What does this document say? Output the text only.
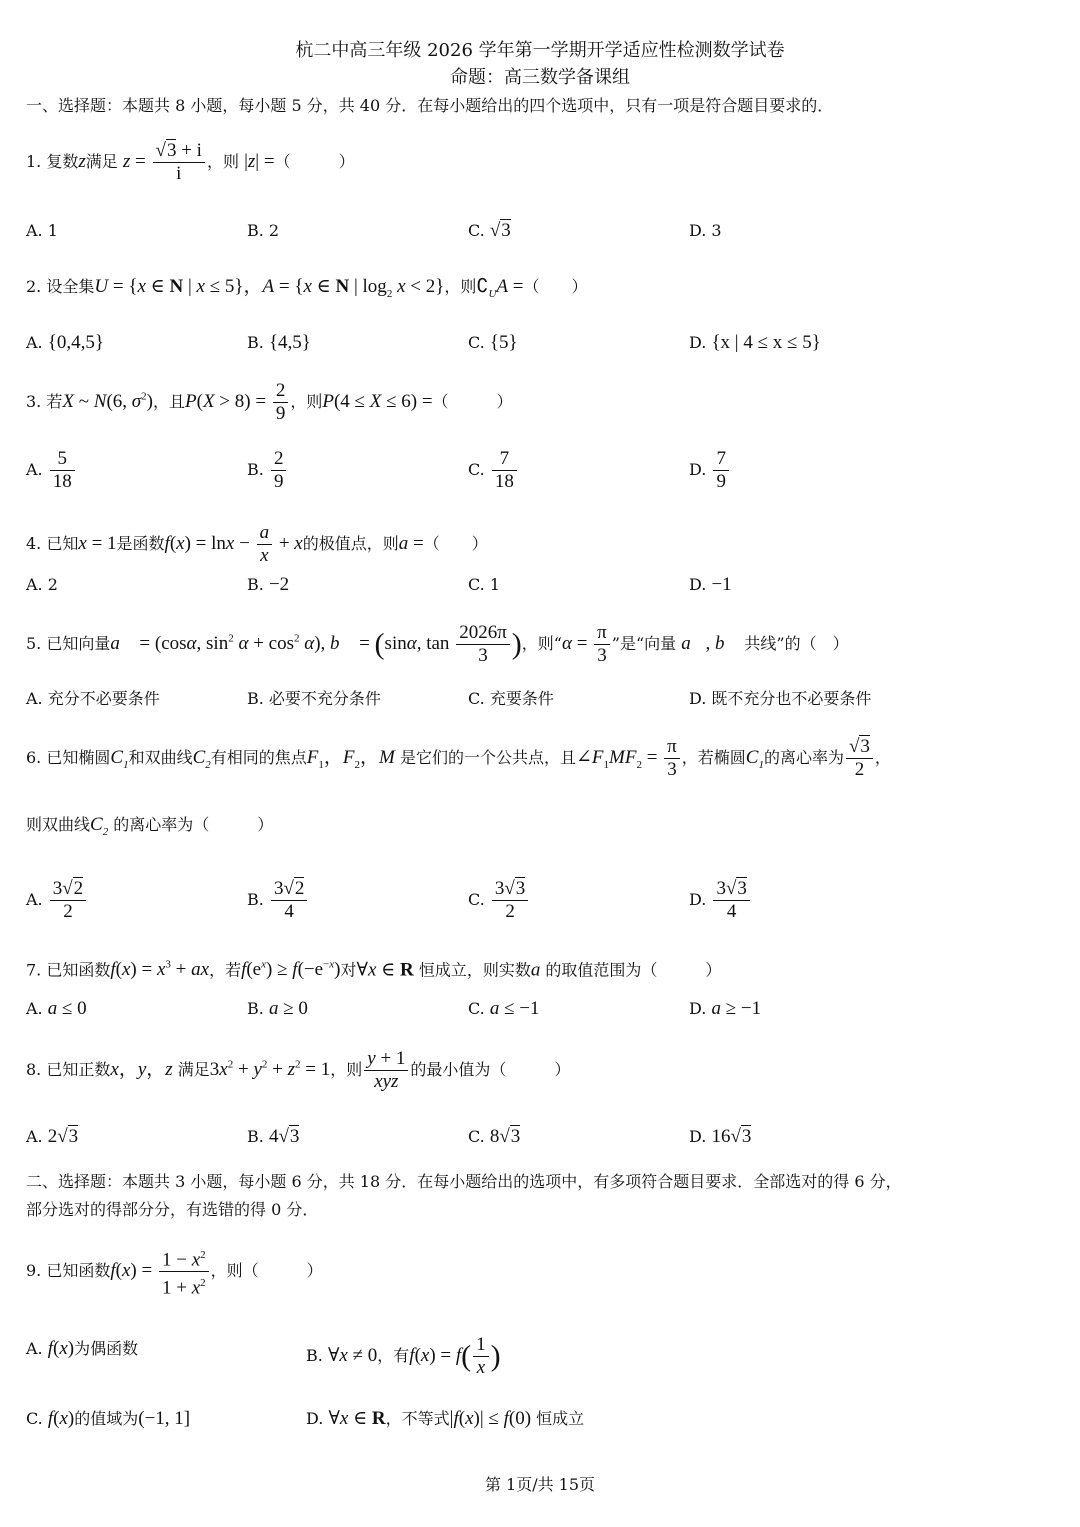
杭二中高三年级 2026 学年第一学期开学适应性检测数学试卷
命题：高三数学备课组
一、选择题：本题共 8 小题，每小题 5 分，共 40 分．在每小题给出的四个选项中，只有一项是符合题目要求的．
1. 复数z满足 $z = \frac{√3 + i}{i}$ ，则 |z| =（　　　）
A. 1	B. 2	C. √3	D. 3
2. 设全集U = {x ∈ N | x ≤ 5}，A = {x ∈ N | $\log_2 x < 2$}，则$∁_UA$ =（　　）
A. {0,4,5}	B. {4,5}	C. {5}	D. {x | 4 ≤ x ≤ 5}
3. 若X ~ N(6, $\sigma^2$)，且$P(X > 8) = \frac{2}{9}$ ，则P(4 ≤ X ≤ 6) =（　　　）
A. $\frac{5}{18}$	B. $\frac{2}{9}$	C. $\frac{7}{18}$	D. $\frac{7}{9}$
4. 已知x = 1是函数$f(x) = \ln x - \frac{a}{x} + x$的极值点，则a =（　　）
A. 2	B. −2	C. 1	D. −1
5. 已知向量a⃗ = (cosα, $\sin^2 \alpha + \cos^2 \alpha$), b⃗ = (sinα, $\tan \frac{2026\pi}{3}$ )，则“$\alpha = \frac{\pi}{3}$ ”是“向量 a⃗, b⃗ 共线”的（　）
A. 充分不必要条件	B. 必要不充分条件	C. 充要条件	D. 既不充分也不必要条件
6. 已知椭圆$C_1$和双曲线$C_2$有相同的焦点$F_1$，$F_2$，M 是它们的一个公共点，且$\angle F_1MF_2 = \frac{\pi}{3}$ ，若椭圆$C_1$的离心率为 $\frac{√3}{2}$ ，
则双曲线$C_2$ 的离心率为（　　　）
A. $\frac{3√2}{2}$	B. $\frac{3√2}{4}$	C. $\frac{3√3}{2}$	D. $\frac{3√3}{4}$
7. 已知函数$f(x) = x^3$ + ax，若$f(e^x) \ge f(-e^{-x})$对∀x ∈ R 恒成立，则实数a 的取值范围为（　　　）
A. a ≤ 0	B. a ≥ 0	C. a ≤ −1	D. a ≥ −1
8. 已知正数x，y，z 满足$3x^2 + y^2 + z^2 = 1$，则 $\frac{y + 1}{\text{xyz}}$ 的最小值为（　　　）
A. 2√3	B. 4√3	C. 8√3	D. 16√3
二、选择题：本题共 3 小题，每小题 6 分，共 18 分．在每小题给出的选项中，有多项符合题目要求．全部选对的得 6 分，
部分选对的得部分分，有选错的得 0 分．
9. 已知函数$f(x) = \frac{1 - x^2}{1 + x^2}$ ，则（　　　）
A. f(x)为偶函数	B. ∀x ≠ 0，有$f(x) = f( \frac{1}{x}$ )
C. f(x)的值域为(−1, 1]	D. ∀x ∈ R，不等式|f(x)| ≤ f(0) 恒成立
第 1页/共 15页
